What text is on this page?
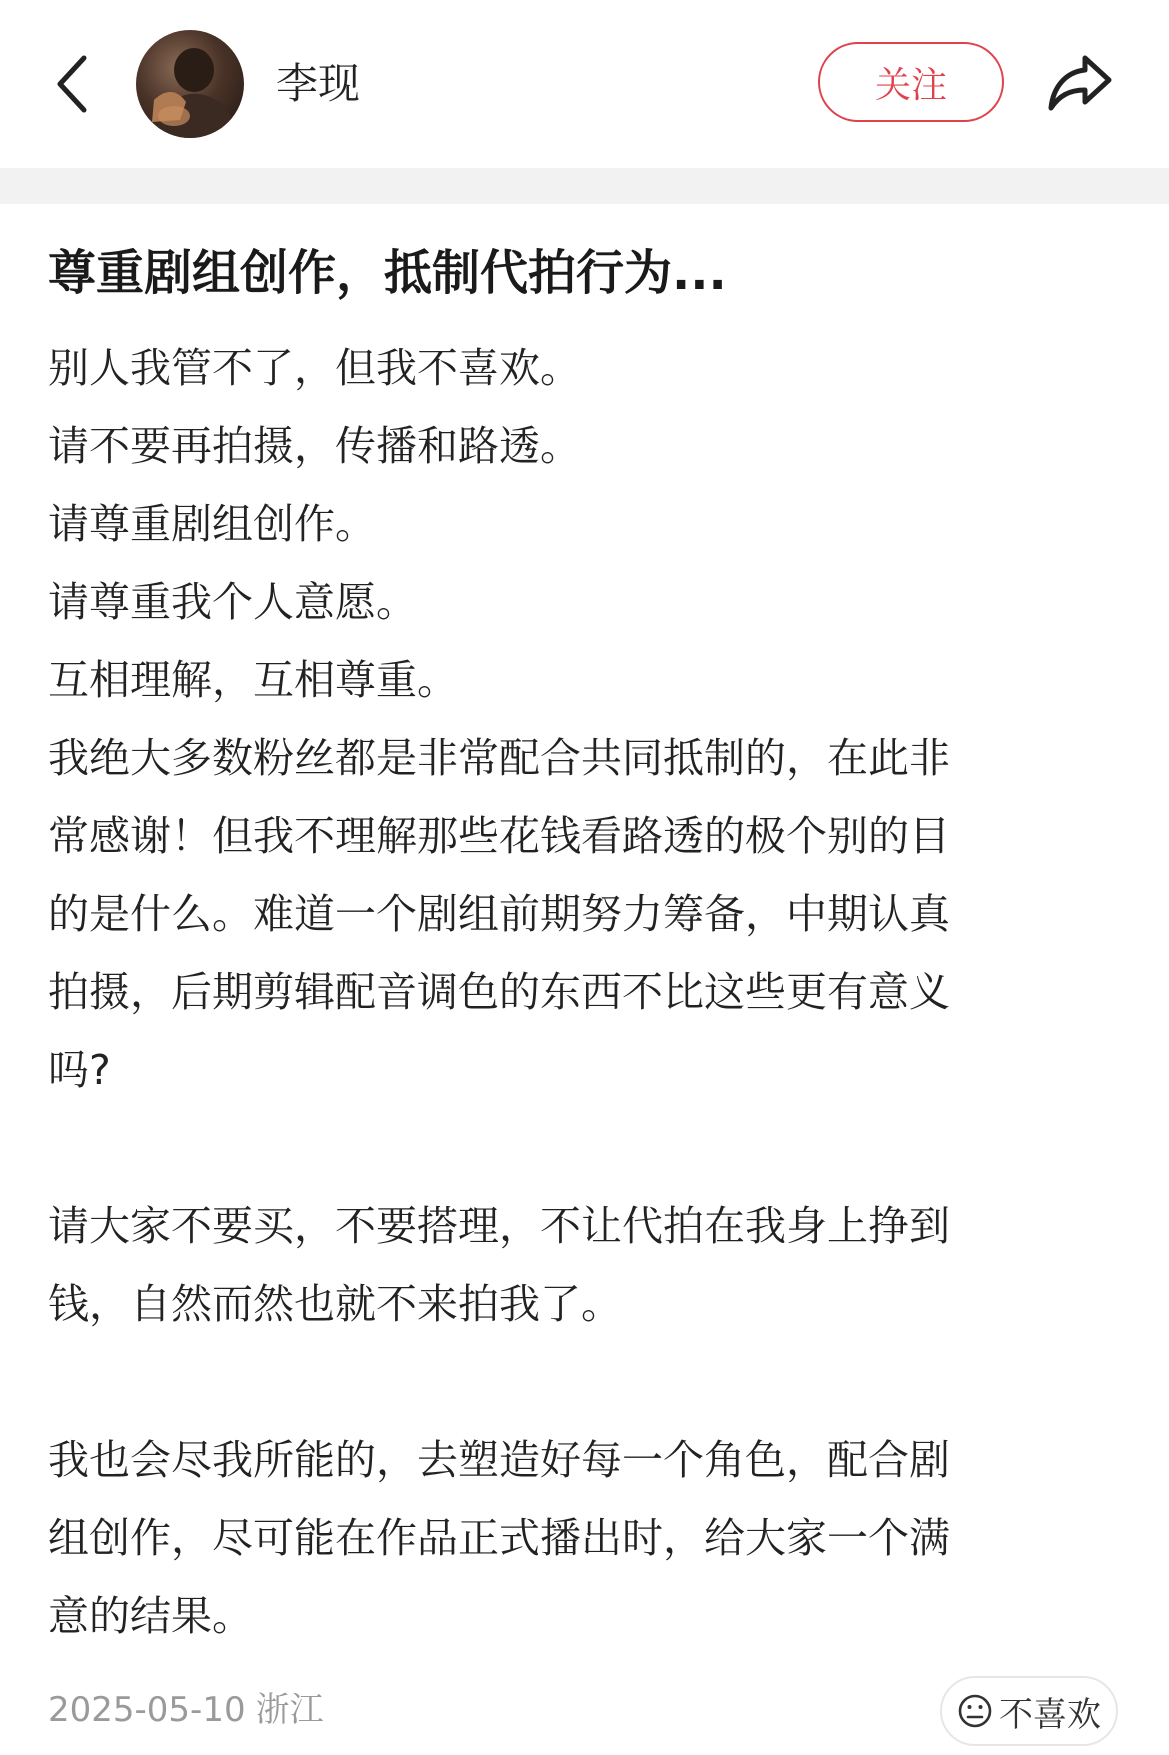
李现	关注
尊重剧组创作，抵制代拍行为...

别人我管不了，但我不喜欢。

请不要再拍摄，传播和路透。

请尊重剧组创作。

请尊重我个人意愿。

互相理解，互相尊重。

我绝大多数粉丝都是非常配合共同抵制的，在此非

常感谢！但我不理解那些花钱看路透的极个别的目

的是什么。难道一个剧组前期努力筹备，中期认真

拍摄，后期剪辑配音调色的东西不比这些更有意义

吗?

请大家不要买，不要搭理，不让代拍在我身上挣到

钱，自然而然也就不来拍我了。

我也会尽我所能的，去塑造好每一个角色，配合剧

组创作，尽可能在作品正式播出时，给大家一个满

意的结果。

2025-05-10 浙江	不喜欢
